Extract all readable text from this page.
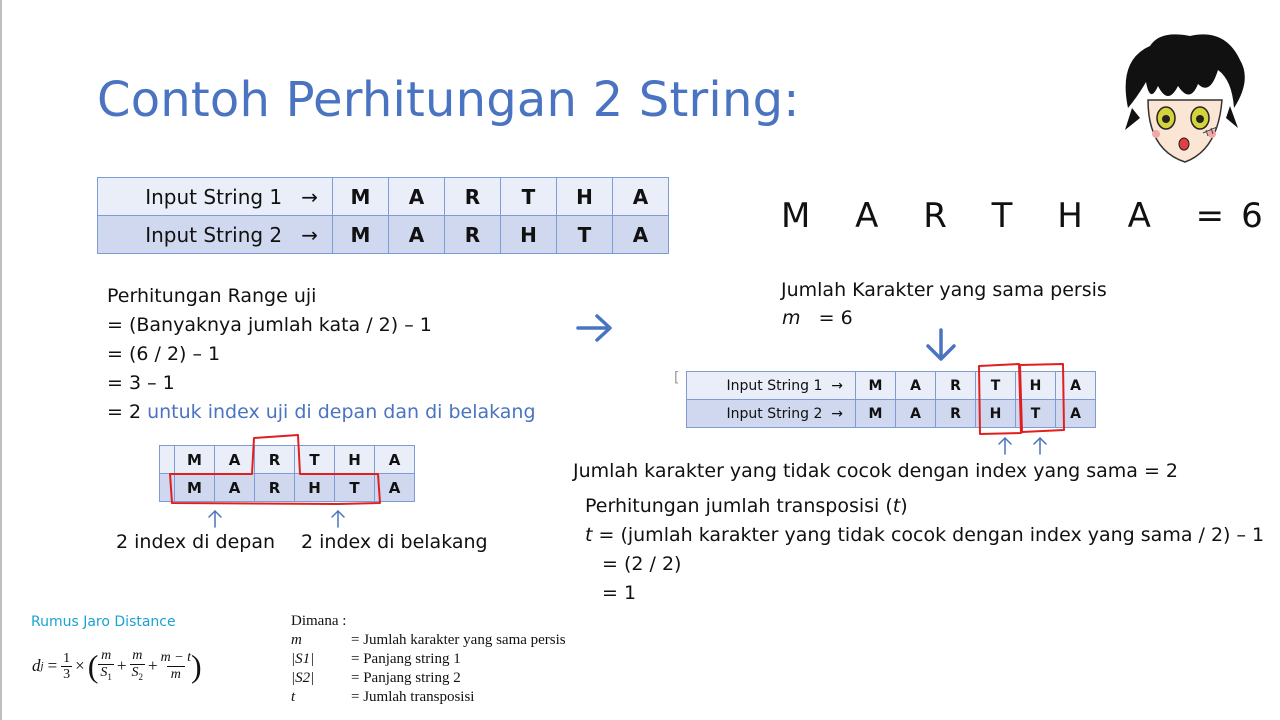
Contoh Perhitungan 2 String:
Input String 1 →	M	A	R	T	H	A
Input String 2 →	M	A	R	H	T	A
Perhitungan Range uji
= (Banyaknya jumlah kata / 2) – 1
= (6 / 2) – 1
= 3 – 1
= 2 untuk index uji di depan dan di belakang
	M	A	R	T	H	A
	M	A	R	H	T	A
2 index di depan 2 index di belakang
M A R T H A =6
Jumlah Karakter yang sama persis
m = 6
[	Input String 1 →	M	A	R	T	H	A
Input String 2 →	M	A	R	H	T	A
Jumlah karakter yang tidak cocok dengan index yang sama = 2
Perhitungan jumlah transposisi (t)
t = (jumlah karakter yang tidak cocok dengan index yang sama / 2) – 1
= (2 / 2)
= 1
Rumus Jaro Distance
d $j = \frac{1}{3}$ × ( m
$S_1$
+ $\frac{m}{S_2} + \frac{m - t}{m}$ )
Dimana :
m	= Jumlah karakter yang sama persis
|S1| = Panjang string 1
|S2| = Panjang string 2
t	= Jumlah transposisi
